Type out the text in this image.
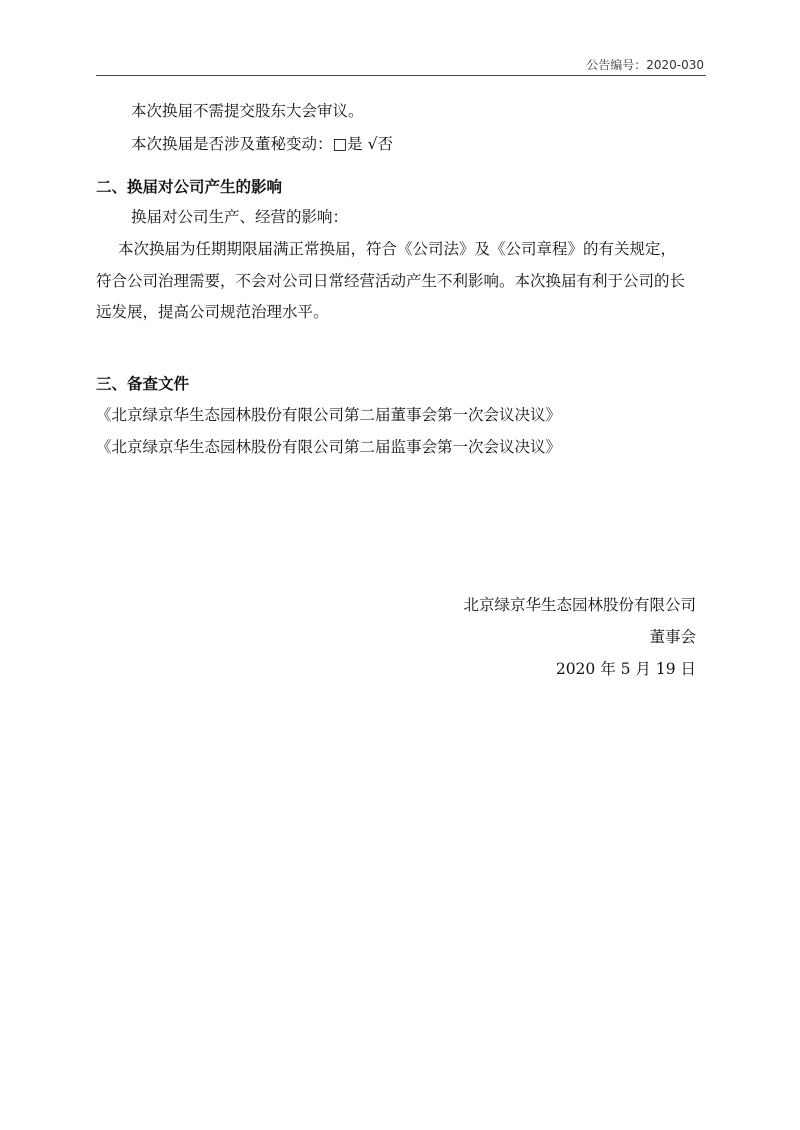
公告编号：2020-030
本次换届不需提交股东大会审议。
本次换届是否涉及董秘变动：□是 √否
二、换届对公司产生的影响
换届对公司生产、经营的影响：
本次换届为任期期限届满正常换届，符合《公司法》及《公司章程》的有关规定，
符合公司治理需要，不会对公司日常经营活动产生不利影响。本次换届有利于公司的长
远发展，提高公司规范治理水平。
三、备查文件
《北京绿京华生态园林股份有限公司第二届董事会第一次会议决议》
《北京绿京华生态园林股份有限公司第二届监事会第一次会议决议》
北京绿京华生态园林股份有限公司
董事会
2020 年 5 月 19 日
